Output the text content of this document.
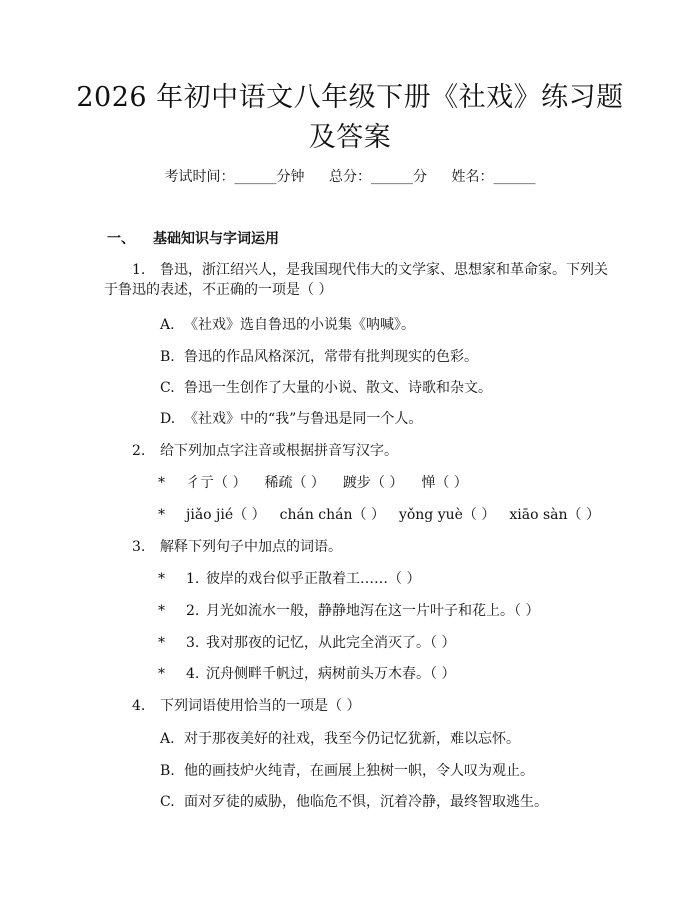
2026 年初中语文八年级下册《社戏》练习题
及答案
考试时间：______分钟 总分：______分 姓名：______
一、 基础知识与字词运用
1. 鲁迅，浙江绍兴人，是我国现代伟大的文学家、思想家和革命家。下列关
于鲁迅的表述，不正确的一项是（ ）
A. 《社戏》选自鲁迅的小说集《呐喊》。
B. 鲁迅的作品风格深沉，常带有批判现实的色彩。
C. 鲁迅一生创作了大量的小说、散文、诗歌和杂文。
D. 《社戏》中的“我”与鲁迅是同一个人。
2. 给下列加点字注音或根据拼音写汉字。
* 彳亍（ ） 稀疏（ ） 踱步（ ） 惮（ ）
* jiǎo jié（ ） chán chán（ ） yǒng yuè（ ） xiāo sàn（ ）
3. 解释下列句子中加点的词语。
* 1. 彼岸的戏台似乎正散着工……（ ）
* 2. 月光如流水一般，静静地泻在这一片叶子和花上。（ ）
* 3. 我对那夜的记忆，从此完全消灭了。（ ）
* 4. 沉舟侧畔千帆过，病树前头万木春。（ ）
4. 下列词语使用恰当的一项是（ ）
A. 对于那夜美好的社戏，我至今仍记忆犹新，难以忘怀。
B. 他的画技炉火纯青，在画展上独树一帜，令人叹为观止。
C. 面对歹徒的威胁，他临危不惧，沉着冷静，最终智取逃生。
